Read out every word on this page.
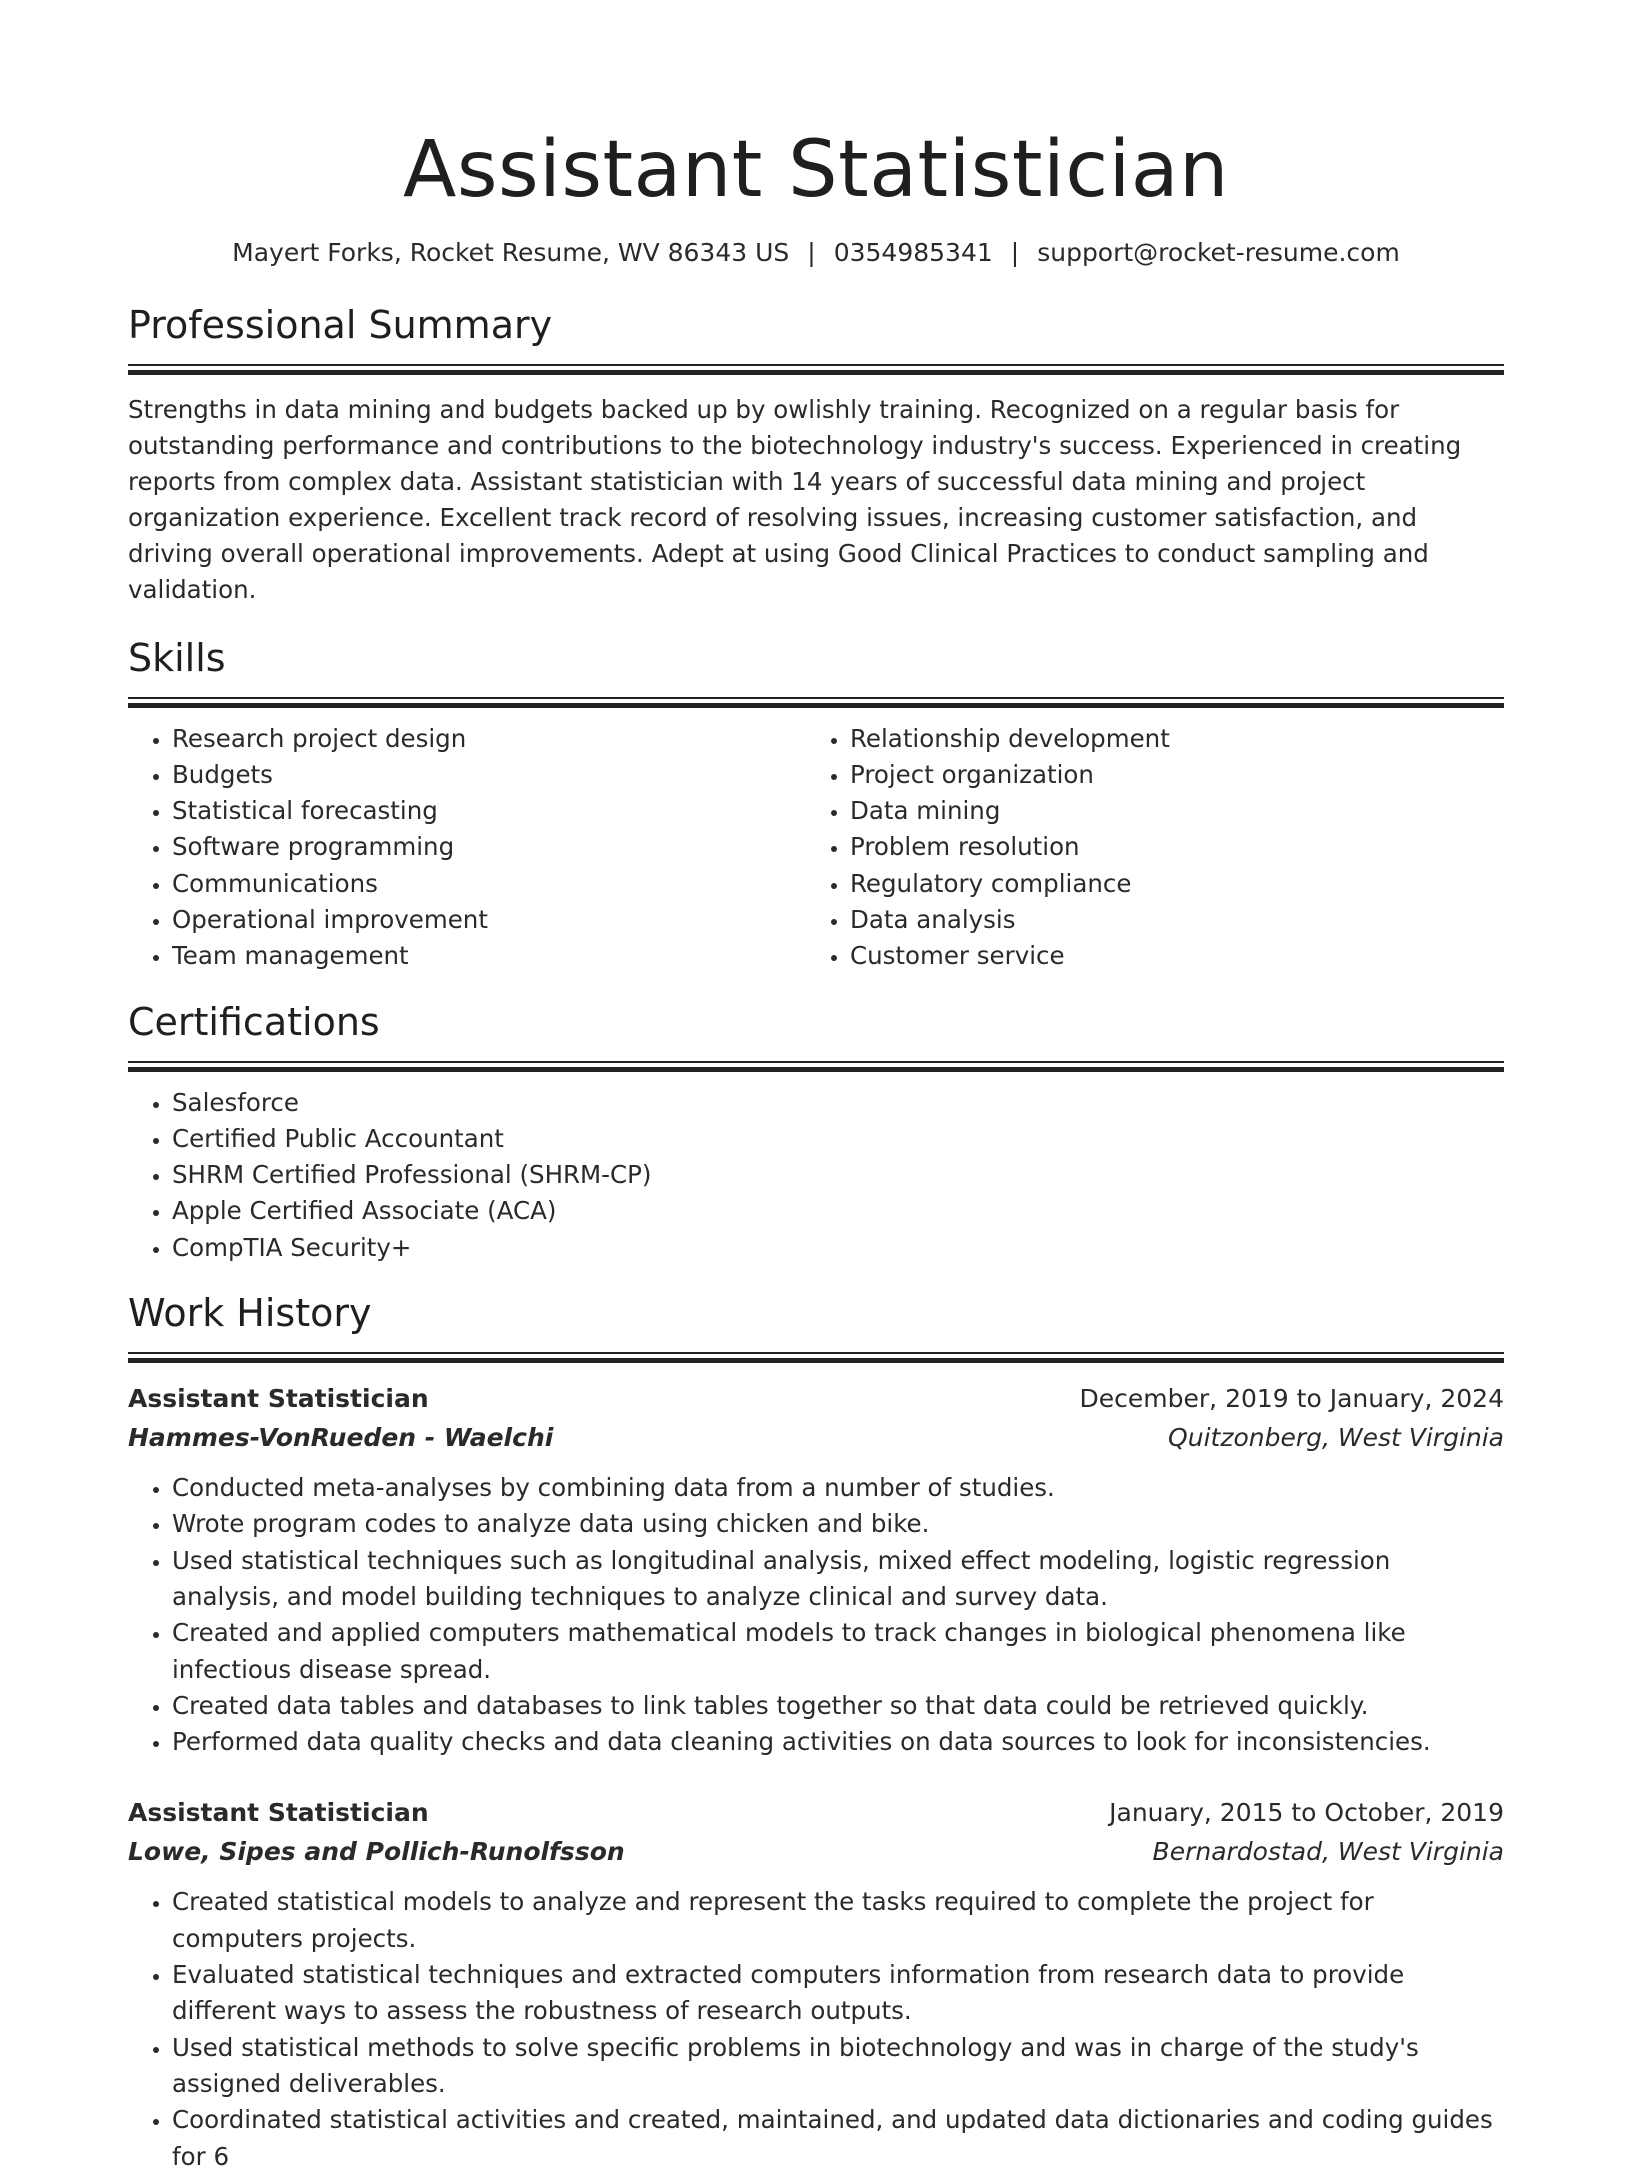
Assistant Statistician
Mayert Forks, Rocket Resume, WV 86343 US | 0354985341 | support@rocket-resume.com
Professional Summary

Strengths in data mining and budgets backed up by owlishly training. Recognized on a regular basis for outstanding performance and contributions to the biotechnology industry's success. Experienced in creating reports from complex data. Assistant statistician with 14 years of successful data mining and project organization experience. Excellent track record of resolving issues, increasing customer satisfaction, and driving overall operational improvements. Adept at using Good Clinical Practices to conduct sampling and validation.

Skills
• Research project design
• Budgets
• Statistical forecasting
• Software programming
• Communications
• Operational improvement
• Team management
• Relationship development
• Project organization
• Data mining
• Problem resolution
• Regulatory compliance
• Data analysis
• Customer service
Certifications
• Salesforce
• Certified Public Accountant
• SHRM Certified Professional (SHRM-CP)
• Apple Certified Associate (ACA)
• CompTIA Security+
Work History
Assistant Statistician	December, 2019 to January, 2024
Hammes-VonRueden - Waelchi	Quitzonberg, West Virginia
• Conducted meta-analyses by combining data from a number of studies.
• Wrote program codes to analyze data using chicken and bike.
• Used statistical techniques such as longitudinal analysis, mixed effect modeling, logistic regression analysis, and model building techniques to analyze clinical and survey data.
• Created and applied computers mathematical models to track changes in biological phenomena like infectious disease spread.
• Created data tables and databases to link tables together so that data could be retrieved quickly.
• Performed data quality checks and data cleaning activities on data sources to look for inconsistencies.
Assistant Statistician	January, 2015 to October, 2019
Lowe, Sipes and Pollich-Runolfsson	Bernardostad, West Virginia
• Created statistical models to analyze and represent the tasks required to complete the project for computers projects.
• Evaluated statistical techniques and extracted computers information from research data to provide different ways to assess the robustness of research outputs.
• Used statistical methods to solve specific problems in biotechnology and was in charge of the study's assigned deliverables.
• Coordinated statistical activities and created, maintained, and updated data dictionaries and coding guides for 6
